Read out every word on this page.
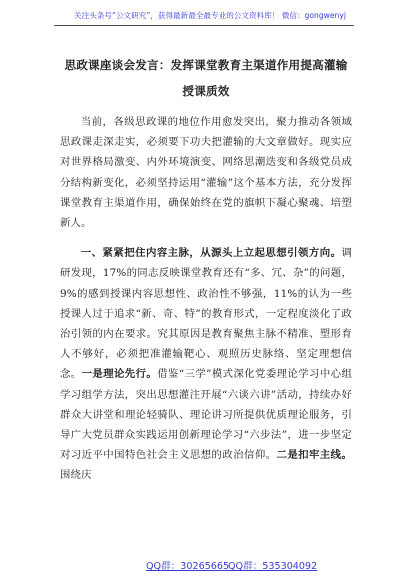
关注头条号“公文研究”，获得最新最全最专业的公文资料库！ 微信：gongwenyj
思政课座谈会发言：发挥课堂教育主渠道作用提高灌输授课质效

当前，各级思政课的地位作用愈发突出，聚力推动各领域思政课走深走实，必须要下功夫把灌输的大文章做好。现实应对世界格局激变、内外环境演变、网络思潮迭变和各级党员成分结构新变化，必须坚持运用“灌输”这个基本方法，充分发挥课堂教育主渠道作用，确保始终在党的旗帜下凝心聚魂、培塑新人。

一、紧紧把住内容主脉，从源头上立起思想引领方向。调研发现，17%的同志反映课堂教育还有“多、冗、杂”的问题，9%的感到授课内容思想性、政治性不够强，11%的认为一些授课人过于追求“新、奇、特”的教育形式，一定程度淡化了政治引领的内在要求。究其原因是教育聚焦主脉不精准、塑形育人不够好，必须把准灌输靶心、观照历史脉络、坚定理想信念。一是理论先行。借鉴“三学”模式深化党委理论学习中心组学习组学方法，突出思想灌注开展“六谈六讲”活动，持续办好群众大讲堂和理论轻骑队、理论讲习所提供优质理论服务，引导广大党员群众实践运用创新理论学习“六步法”，进一步坚定对习近平中国特色社会主义思想的政治信仰。二是扣牢主线。围绕庆

QQ群：30265665
QQ群：535304092
